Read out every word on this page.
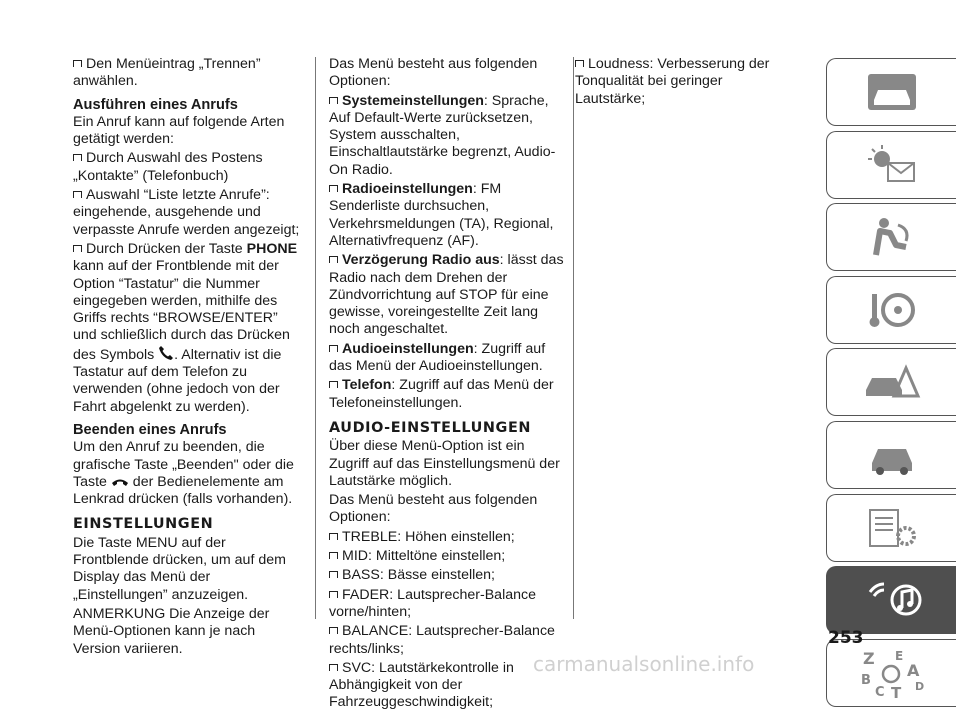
Den Menüeintrag „Trennen” anwählen.

Ausführen eines Anrufs

Ein Anruf kann auf folgende Arten getätigt werden:

Durch Auswahl des Postens „Kontakte” (Telefonbuch)

Auswahl “Liste letzte Anrufe”: eingehende, ausgehende und verpasste Anrufe werden angezeigt;

Durch Drücken der Taste PHONE kann auf der Frontblende mit der Option “Tastatur” die Nummer eingegeben werden, mithilfe des Griffs rechts “BROWSE/ENTER” und schließlich durch das Drücken des Symbols . Alternativ ist die Tastatur auf dem Telefon zu verwenden (ohne jedoch von der Fahrt abgelenkt zu werden).

Beenden eines Anrufs

Um den Anruf zu beenden, die grafische Taste „Beenden" oder die Taste  der Bedienelemente am Lenkrad drücken (falls vorhanden).

EINSTELLUNGEN

Die Taste MENU auf der Frontblende drücken, um auf dem Display das Menü der „Einstellungen” anzuzeigen.

ANMERKUNG Die Anzeige der Menü-Optionen kann je nach Version variieren.

Das Menü besteht aus folgenden Optionen:

Systemeinstellungen: Sprache, Auf Default-Werte zurücksetzen, System ausschalten, Einschaltlautstärke begrenzt, Audio-On Radio.

Radioeinstellungen: FM Senderliste durchsuchen, Verkehrsmeldungen (TA), Regional, Alternativfrequenz (AF).

Verzögerung Radio aus: lässt das Radio nach dem Drehen der Zündvorrichtung auf STOP für eine gewisse, voreingestellte Zeit lang noch angeschaltet.

Audioeinstellungen: Zugriff auf das Menü der Audioeinstellungen.

Telefon: Zugriff auf das Menü der Telefoneinstellungen.

AUDIO-EINSTELLUNGEN

Über diese Menü-Option ist ein Zugriff auf das Einstellungsmenü der Lautstärke möglich.

Das Menü besteht aus folgenden Optionen:

TREBLE: Höhen einstellen;

MID: Mitteltöne einstellen;

BASS: Bässe einstellen;

FADER: Lautsprecher-Balance vorne/hinten;

BALANCE: Lautsprecher-Balance rechts/links;

SVC: Lautstärkekontrolle in Abhängigkeit von der Fahrzeuggeschwindigkeit;

Loudness: Verbesserung der Tonqualität bei geringer Lautstärke;

Z E
B
A
C	D
T
253
carmanualsonline.info
